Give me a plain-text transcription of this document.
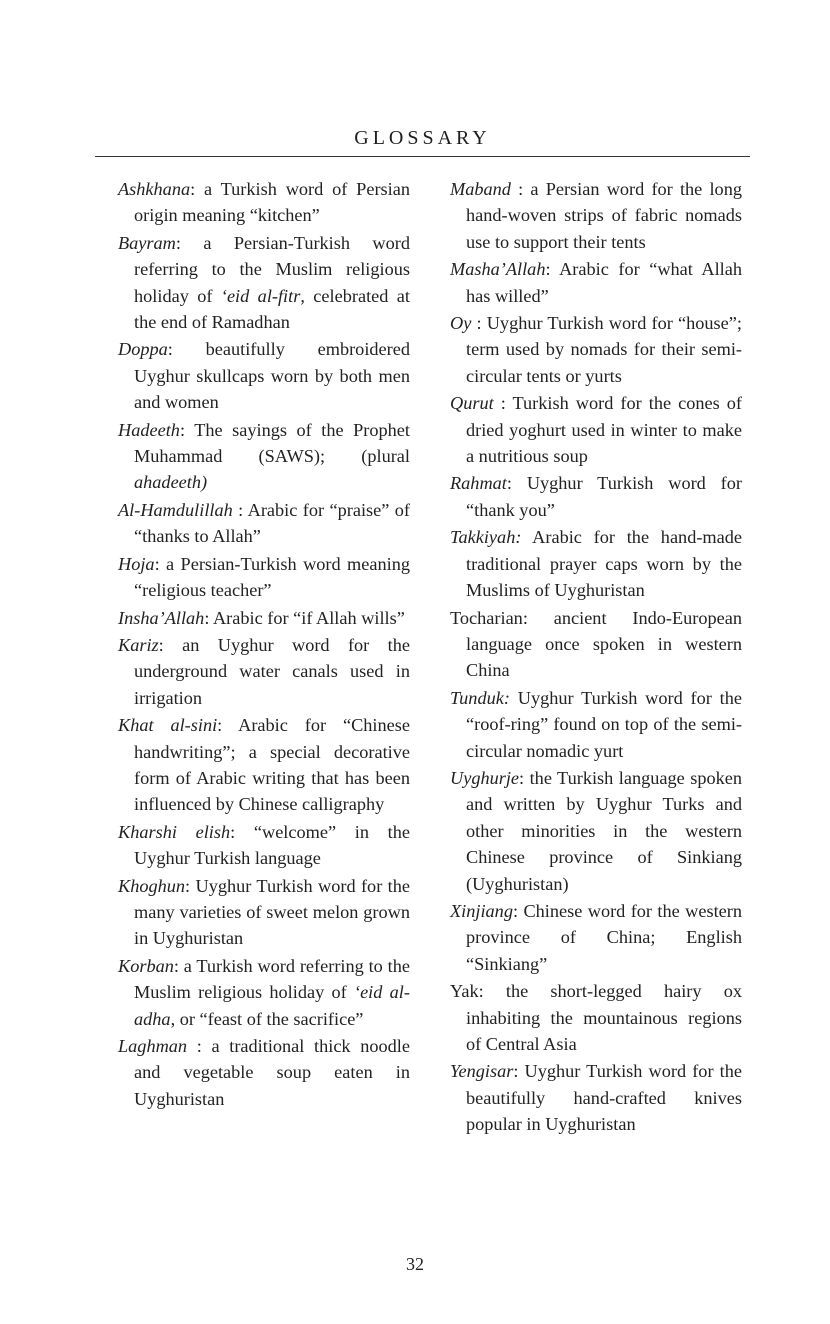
GLOSSARY

Ashkhana: a Turkish word of Persian origin meaning “kitchen”

Bayram: a Persian-Turkish word referring to the Muslim religious holiday of ‘eid al-fitr, celebrated at the end of Ramadhan

Doppa: beautifully embroidered Uyghur skullcaps worn by both men and women

Hadeeth: The sayings of the Prophet Muhammad (SAWS); (plural ahadeeth)

Al-Hamdulillah : Arabic for “praise” of “thanks to Allah”

Hoja: a Persian-Turkish word meaning “religious teacher”

Insha’Allah: Arabic for “if Allah wills”

Kariz: an Uyghur word for the underground water canals used in irrigation

Khat al-sini: Arabic for “Chinese handwriting”; a special decorative form of Arabic writing that has been influenced by Chinese calligraphy

Kharshi elish: “welcome” in the Uyghur Turkish language

Khoghun: Uyghur Turkish word for the many varieties of sweet melon grown in Uyghuristan

Korban: a Turkish word referring to the Muslim religious holiday of ‘eid al-adha, or “feast of the sacrifice”

Laghman : a traditional thick noodle and vegetable soup eaten in Uyghuristan

Maband : a Persian word for the long hand-woven strips of fabric nomads use to support their tents

Masha’Allah: Arabic for “what Allah has willed”

Oy : Uyghur Turkish word for “house”; term used by nomads for their semi-circular tents or yurts

Qurut : Turkish word for the cones of dried yoghurt used in winter to make a nutritious soup

Rahmat: Uyghur Turkish word for “thank you”

Takkiyah: Arabic for the hand-made traditional prayer caps worn by the Muslims of Uyghuristan

Tocharian: ancient Indo-European language once spoken in western China

Tunduk: Uyghur Turkish word for the “roof-ring” found on top of the semi-circular nomadic yurt

Uyghurje: the Turkish language spoken and written by Uyghur Turks and other minorities in the western Chinese province of Sinkiang (Uyghuristan)

Xinjiang: Chinese word for the western province of China; English “Sinkiang”

Yak: the short-legged hairy ox inhabiting the mountainous regions of Central Asia

Yengisar: Uyghur Turkish word for the beautifully hand-crafted knives popular in Uyghuristan

32
